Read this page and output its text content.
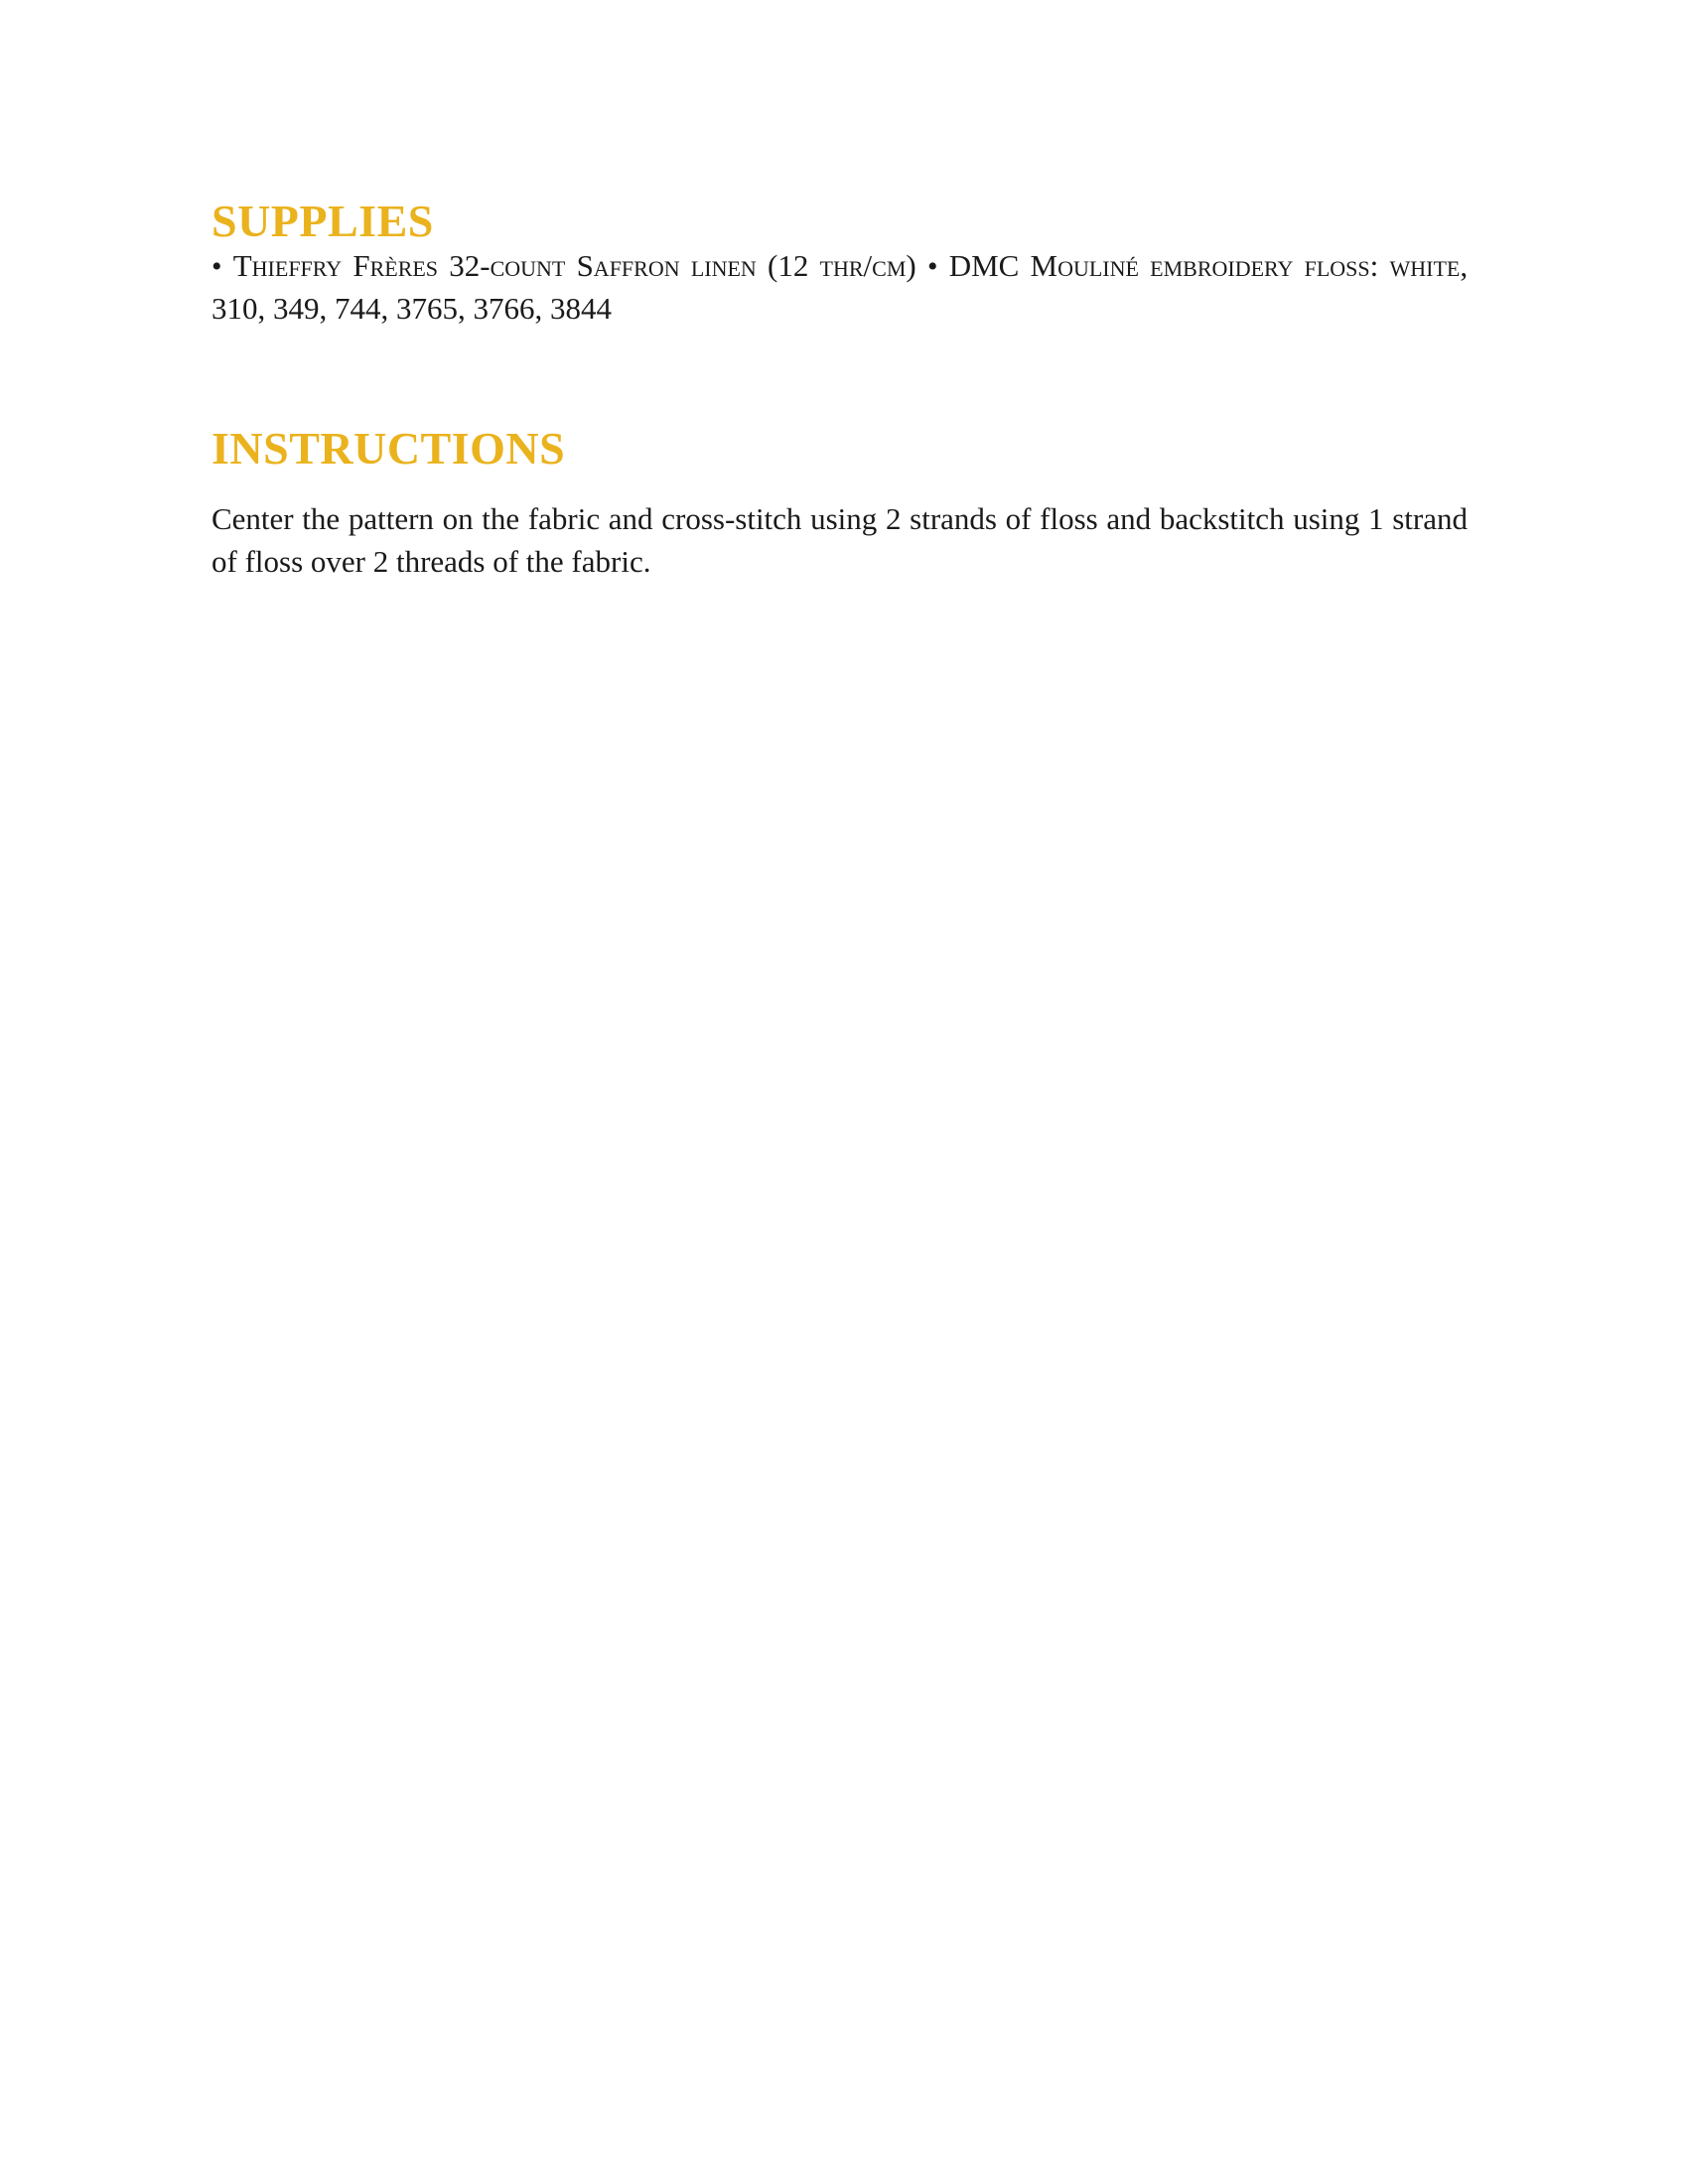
SUPPLIES

• Thieffry Frères 32-count Saffron linen (12 thr/cm) • DMC Mouliné embroidery floss: white, 310, 349, 744, 3765, 3766, 3844

INSTRUCTIONS

Center the pattern on the fabric and cross-stitch using 2 strands of floss and backstitch using 1 strand of floss over 2 threads of the fabric.
